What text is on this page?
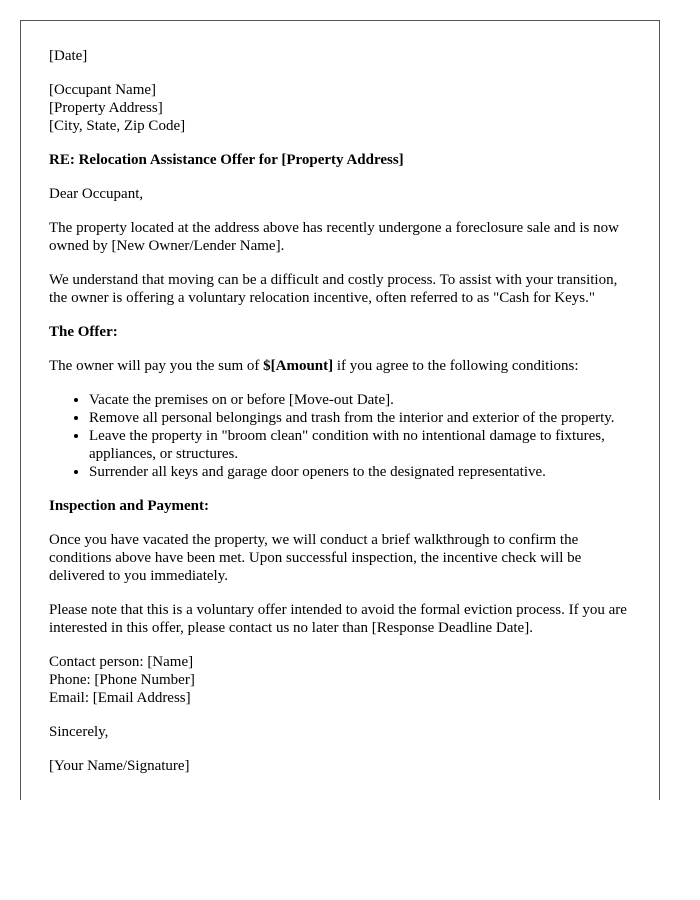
[Date]

[Occupant Name]
[Property Address]
[City, State, Zip Code]

RE: Relocation Assistance Offer for [Property Address]

Dear Occupant,

The property located at the address above has recently undergone a foreclosure sale and is now owned by [New Owner/Lender Name].

We understand that moving can be a difficult and costly process. To assist with your transition, the owner is offering a voluntary relocation incentive, often referred to as "Cash for Keys."

The Offer:

The owner will pay you the sum of $[Amount] if you agree to the following conditions:

• Vacate the premises on or before [Move-out Date].
• Remove all personal belongings and trash from the interior and exterior of the property.
• Leave the property in "broom clean" condition with no intentional damage to fixtures, appliances, or structures.
• Surrender all keys and garage door openers to the designated representative.

Inspection and Payment:

Once you have vacated the property, we will conduct a brief walkthrough to confirm the conditions above have been met. Upon successful inspection, the incentive check will be delivered to you immediately.

Please note that this is a voluntary offer intended to avoid the formal eviction process. If you are interested in this offer, please contact us no later than [Response Deadline Date].

Contact person: [Name]
Phone: [Phone Number]
Email: [Email Address]

Sincerely,

[Your Name/Signature]
